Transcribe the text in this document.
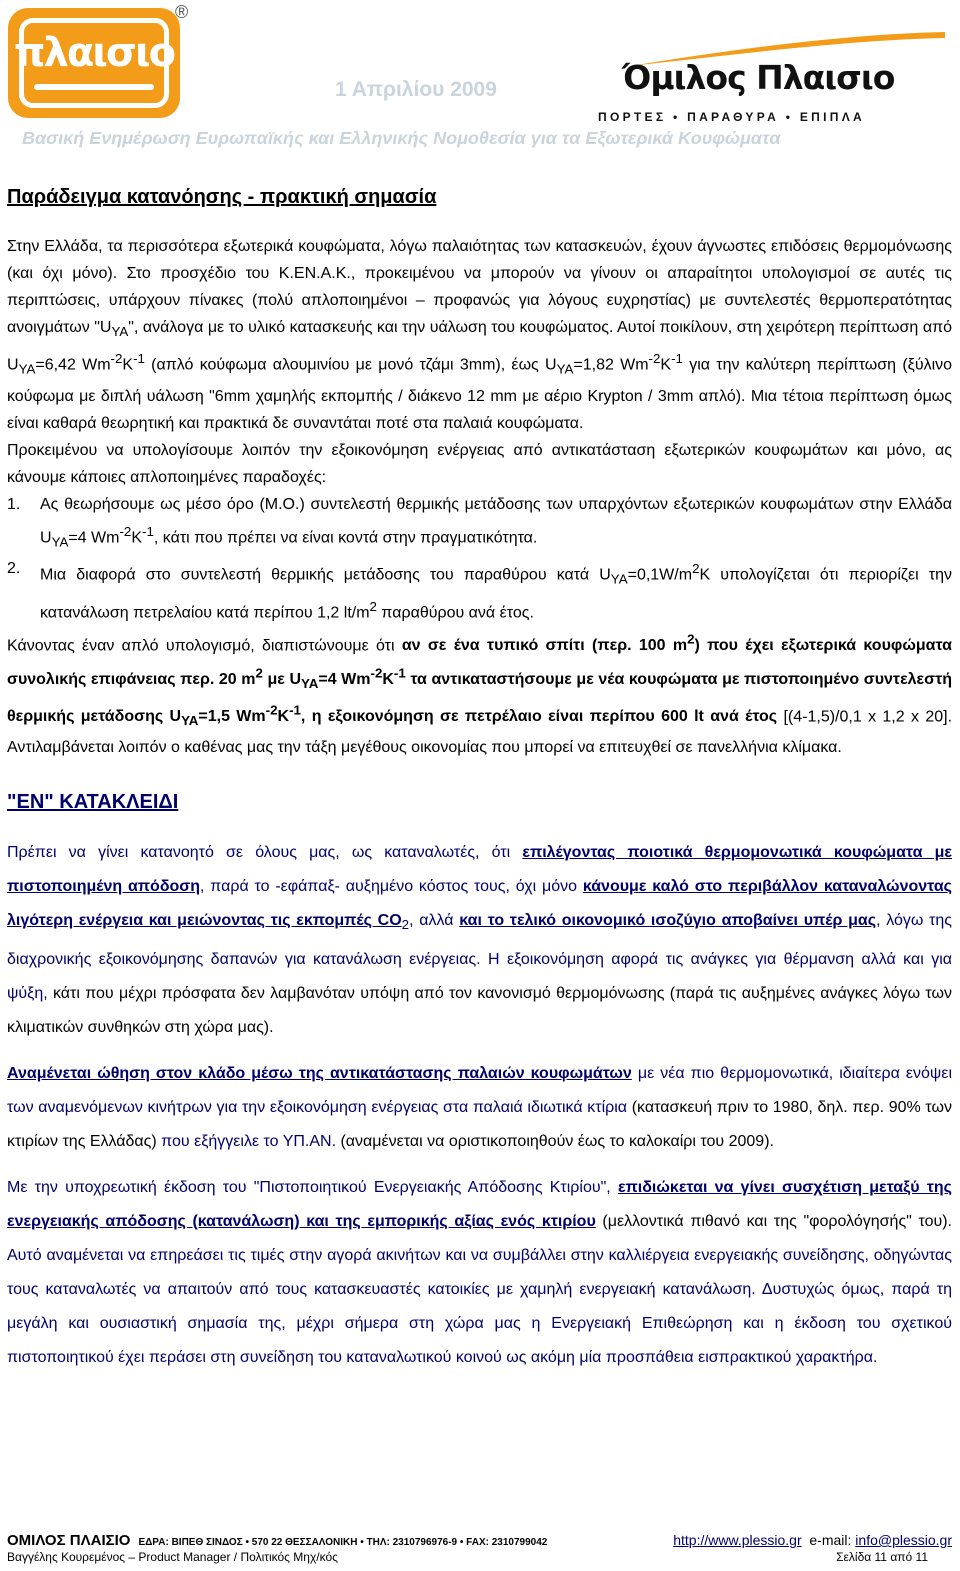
πλαισιο
®
1 Απριλίου 2009	Όμιλος Πλαισιο
ΠΟΡΤΕΣ • ΠΑΡΑΘΥΡΑ • ΕΠΙΠΛΑ
Βασική Ενημέρωση Ευρωπαϊκής και Ελληνικής Νομοθεσία για τα Εξωτερικά Κουφώματα
Παράδειγμα κατανόησης - πρακτική σημασία
Στην Ελλάδα, τα περισσότερα εξωτερικά κουφώματα, λόγω παλαιότητας των κατασκευών, έχουν άγνωστες επιδόσεις θερμομόνωσης (και όχι μόνο). Στο προσχέδιο του Κ.ΕΝ.Α.Κ., προκειμένου να μπορούν να γίνουν οι απαραίτητοι υπολογισμοί σε αυτές τις περιπτώσεις, υπάρχουν πίνακες (πολύ απλοποιημένοι – προφανώς για λόγους ευχρηστίας) με συντελεστές θερμοπερατότητας ανοιγμάτων "$U_{\Upsilon A}$", ανάλογα με το υλικό κατασκευής και την υάλωση του κουφώματος. Αυτοί ποικίλουν, στη χειρότερη περίπτωση από $U_{\Upsilon A}=6,42$ $Wm^{-2}K^{-1}$ (απλό κούφωμα αλουμινίου με μονό τζάμι 3mm), έως $U_{\Upsilon A}=1,82$ $Wm^{-2}K^{-1}$ για την καλύτερη περίπτωση (ξύλινο κούφωμα με διπλή υάλωση "6mm χαμηλής εκπομπής / διάκενο 12 mm με αέριο Krypton / 3mm απλό). Μια τέτοια περίπτωση όμως είναι καθαρά θεωρητική και πρακτικά δε συναντάται ποτέ στα παλαιά κουφώματα.
Προκειμένου να υπολογίσουμε λοιπόν την εξοικονόμηση ενέργειας από αντικατάσταση εξωτερικών κουφωμάτων και μόνο, ας κάνουμε κάποιες απλοποιημένες παραδοχές:
1.	Ας θεωρήσουμε ως μέσο όρο (Μ.Ο.) συντελεστή θερμικής μετάδοσης των υπαρχόντων εξωτερικών κουφωμάτων στην Ελλάδα $U_{\Upsilon A}=4$ $Wm^{-2}K^{-1}$, κάτι που πρέπει να είναι κοντά στην πραγματικότητα.
2.	Μια διαφορά στο συντελεστή θερμικής μετάδοσης του παραθύρου κατά $U_{\Upsilon A}=0,1W/m^2K$ υπολογίζεται ότι περιορίζει την κατανάλωση πετρελαίου κατά περίπου 1,2 $lt/m^2$ παραθύρου ανά έτος.
Κάνοντας έναν απλό υπολογισμό, διαπιστώνουμε ότι αν σε ένα τυπικό σπίτι (περ. 100 $m^2$) που έχει εξωτερικά κουφώματα συνολικής επιφάνειας περ. 20 $m^2$ με $U_{\Upsilon A}=4$ $Wm^{-2}K^{-1}$ τα αντικαταστήσουμε με νέα κουφώματα με πιστοποιημένο συντελεστή θερμικής μετάδοσης $U_{\Upsilon A}=1,5$ $Wm^{-2}K^{-1}$, η εξοικονόμηση σε πετρέλαιο είναι περίπου 600 lt ανά έτος [(4-1,5)/0,1 x 1,2 x 20]. Αντιλαμβάνεται λοιπόν ο καθένας μας την τάξη μεγέθους οικονομίας που μπορεί να επιτευχθεί σε πανελλήνια κλίμακα.
"ΕΝ" ΚΑΤΑΚΛΕΙΔΙ
Πρέπει να γίνει κατανοητό σε όλους μας, ως καταναλωτές, ότι επιλέγοντας ποιοτικά θερμομονωτικά κουφώματα με πιστοποιημένη απόδοση, παρά το -εφάπαξ- αυξημένο κόστος τους, όχι μόνο κάνουμε καλό στο περιβάλλον καταναλώνοντας λιγότερη ενέργεια και μειώνοντας τις εκπομπές $CO_2$, αλλά και το τελικό οικονομικό ισοζύγιο αποβαίνει υπέρ μας, λόγω της διαχρονικής εξοικονόμησης δαπανών για κατανάλωση ενέργειας. Η εξοικονόμηση αφορά τις ανάγκες για θέρμανση αλλά και για ψύξη, κάτι που μέχρι πρόσφατα δεν λαμβανόταν υπόψη από τον κανονισμό θερμομόνωσης (παρά τις αυξημένες ανάγκες λόγω των κλιματικών συνθηκών στη χώρα μας).
Αναμένεται ώθηση στον κλάδο μέσω της αντικατάστασης παλαιών κουφωμάτων με νέα πιο θερμομονωτικά, ιδιαίτερα ενόψει των αναμενόμενων κινήτρων για την εξοικονόμηση ενέργειας στα παλαιά ιδιωτικά κτίρια (κατασκευή πριν το 1980, δηλ. περ. 90% των κτιρίων της Ελλάδας) που εξήγγειλε το ΥΠ.ΑΝ. (αναμένεται να οριστικοποιηθούν έως το καλοκαίρι του 2009).
Με την υποχρεωτική έκδοση του "Πιστοποιητικού Ενεργειακής Απόδοσης Κτιρίου", επιδιώκεται να γίνει συσχέτιση μεταξύ της ενεργειακής απόδοσης (κατανάλωση) και της εμπορικής αξίας ενός κτιρίου (μελλοντικά πιθανό και της "φορολόγησής" του). Αυτό αναμένεται να επηρεάσει τις τιμές στην αγορά ακινήτων και να συμβάλλει στην καλλιέργεια ενεργειακής συνείδησης, οδηγώντας τους καταναλωτές να απαιτούν από τους κατασκευαστές κατοικίες με χαμηλή ενεργειακή κατανάλωση. Δυστυχώς όμως, παρά τη μεγάλη και ουσιαστική σημασία της, μέχρι σήμερα στη χώρα μας η Ενεργειακή Επιθεώρηση και η έκδοση του σχετικού πιστοποιητικού έχει περάσει στη συνείδηση του καταναλωτικού κοινού ως ακόμη μία προσπάθεια εισπρακτικού χαρακτήρα.
ΟΜΙΛΟΣ ΠΛΑΙΣΙΟ ΕΔΡΑ: ΒΙΠΕΘ ΣΙΝΔΟΣ • 570 22 ΘΕΣΣΑΛΟΝΙΚΗ • ΤΗΛ: 2310796976-9 • FAX: 2310799042	http://www.plessio.gr e-mail: info@plessio.gr
Βαγγέλης Κουρεμένος – Product Manager / Πολιτικός Μηχ/κός	Σελίδα 11 από 11
